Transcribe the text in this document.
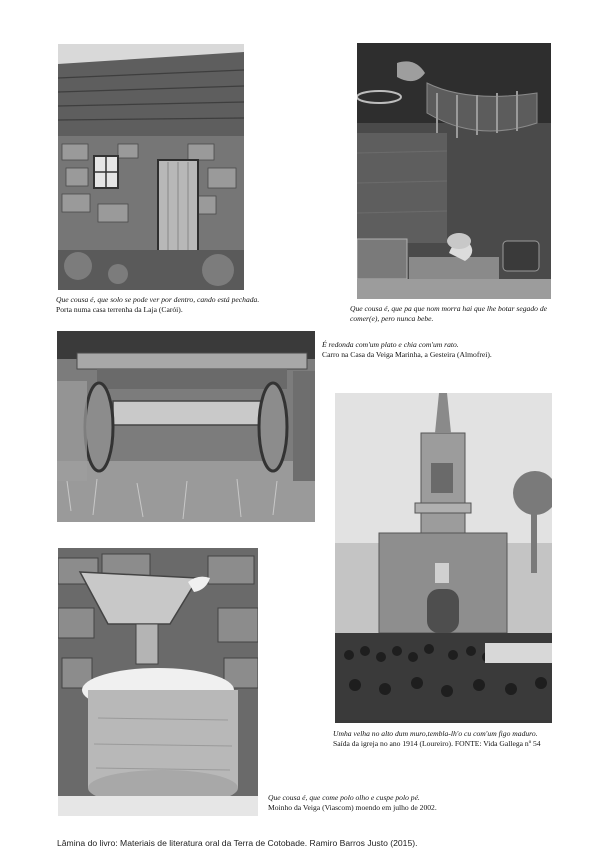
Que cousa é, que solo se pode ver por dentro, cando está pechada.
Porta numa casa terrenha da Laja (Carói).	Que cousa é, que pa que nom morra hai que lhe botar segado de comer(e), pero nunca bebe.
É redonda com'um plato e chia com'um rato.
Carro na Casa da Veiga Marinha, a Gesteira (Almofrei).
Umha velha no alto dum muro,tembla-lh'o cu com'um figo maduro.
Saída da igreja no ano 1914 (Loureiro). FONTE: Vida Gallega nº 54
Que cousa é, que come polo olho e cuspe polo pé.
Moinho da Veiga (Viascom) moendo em julho de 2002.
Lâmina do livro: Materiais de literatura oral da Terra de Cotobade. Ramiro Barros Justo (2015).
